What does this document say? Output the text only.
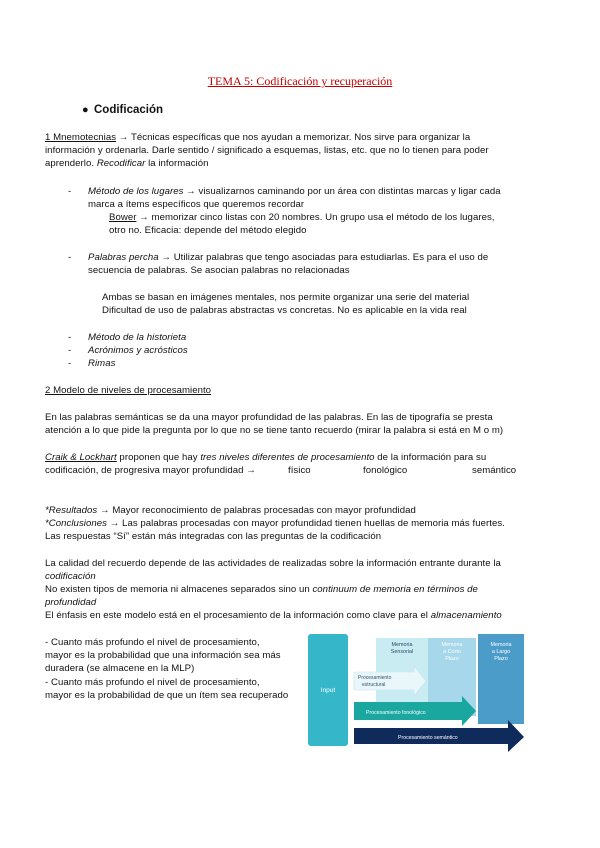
TEMA 5: Codificación y recuperación
● Codificación
1 Mnemotecnias → Técnicas específicas que nos ayudan a memorizar. Nos sirve para organizar la
información y ordenarla. Darle sentido / significado a esquemas, listas, etc. que no lo tienen para poder
aprenderlo. Recodificar la información
- Método de los lugares → visualizarnos caminando por un área con distintas marcas y ligar cada
marca a ítems específicos que queremos recordar
Bower → memorizar cinco listas con 20 nombres. Un grupo usa el método de los lugares,
otro no. Eficacia: depende del método elegido
- Palabras percha → Utilizar palabras que tengo asociadas para estudiarlas. Es para el uso de
secuencia de palabras. Se asocian palabras no relacionadas
Ambas se basan en imágenes mentales, nos permite organizar una serie del material
Dificultad de uso de palabras abstractas vs concretas. No es aplicable en la vida real
- Método de la historieta
- Acrónimos y acrósticos
- Rimas
2 Modelo de niveles de procesamiento
En las palabras semánticas se da una mayor profundidad de las palabras. En las de tipografía se presta
atención a lo que pide la pregunta por lo que no se tiene tanto recuerdo (mirar la palabra si está en M o m)
Craik & Lockhart proponen que hay tres niveles diferentes de procesamiento de la información para su
codificación, de progresiva mayor profundidad →	físico	fonológico	semántico
*Resultados → Mayor reconocimiento de palabras procesadas con mayor profundidad
*Conclusiones → Las palabras procesadas con mayor profundidad tienen huellas de memoria más fuertes.
Las respuestas “Sí” están más integradas con las preguntas de la codificación
La calidad del recuerdo depende de las actividades de realizadas sobre la información entrante durante la
codificación
No existen tipos de memoria ni almacenes separados sino un continuum de memoria en términos de
profundidad
El énfasis en este modelo está en el procesamiento de la información como clave para el almacenamiento
- Cuanto más profundo el nivel de procesamiento,
mayor es la probabilidad que una información sea más
duradera (se almacene en la MLP)
- Cuanto más profundo el nivel de procesamiento,
mayor es la probabilidad de que un ítem sea recuperado	Input
Memoria
Sensorial
Memoria
a Corto
Plazo
Memoria
a Largo
Plazo
Procesamiento
estructural
Procesamiento fonológico
Procesamiento semántico
